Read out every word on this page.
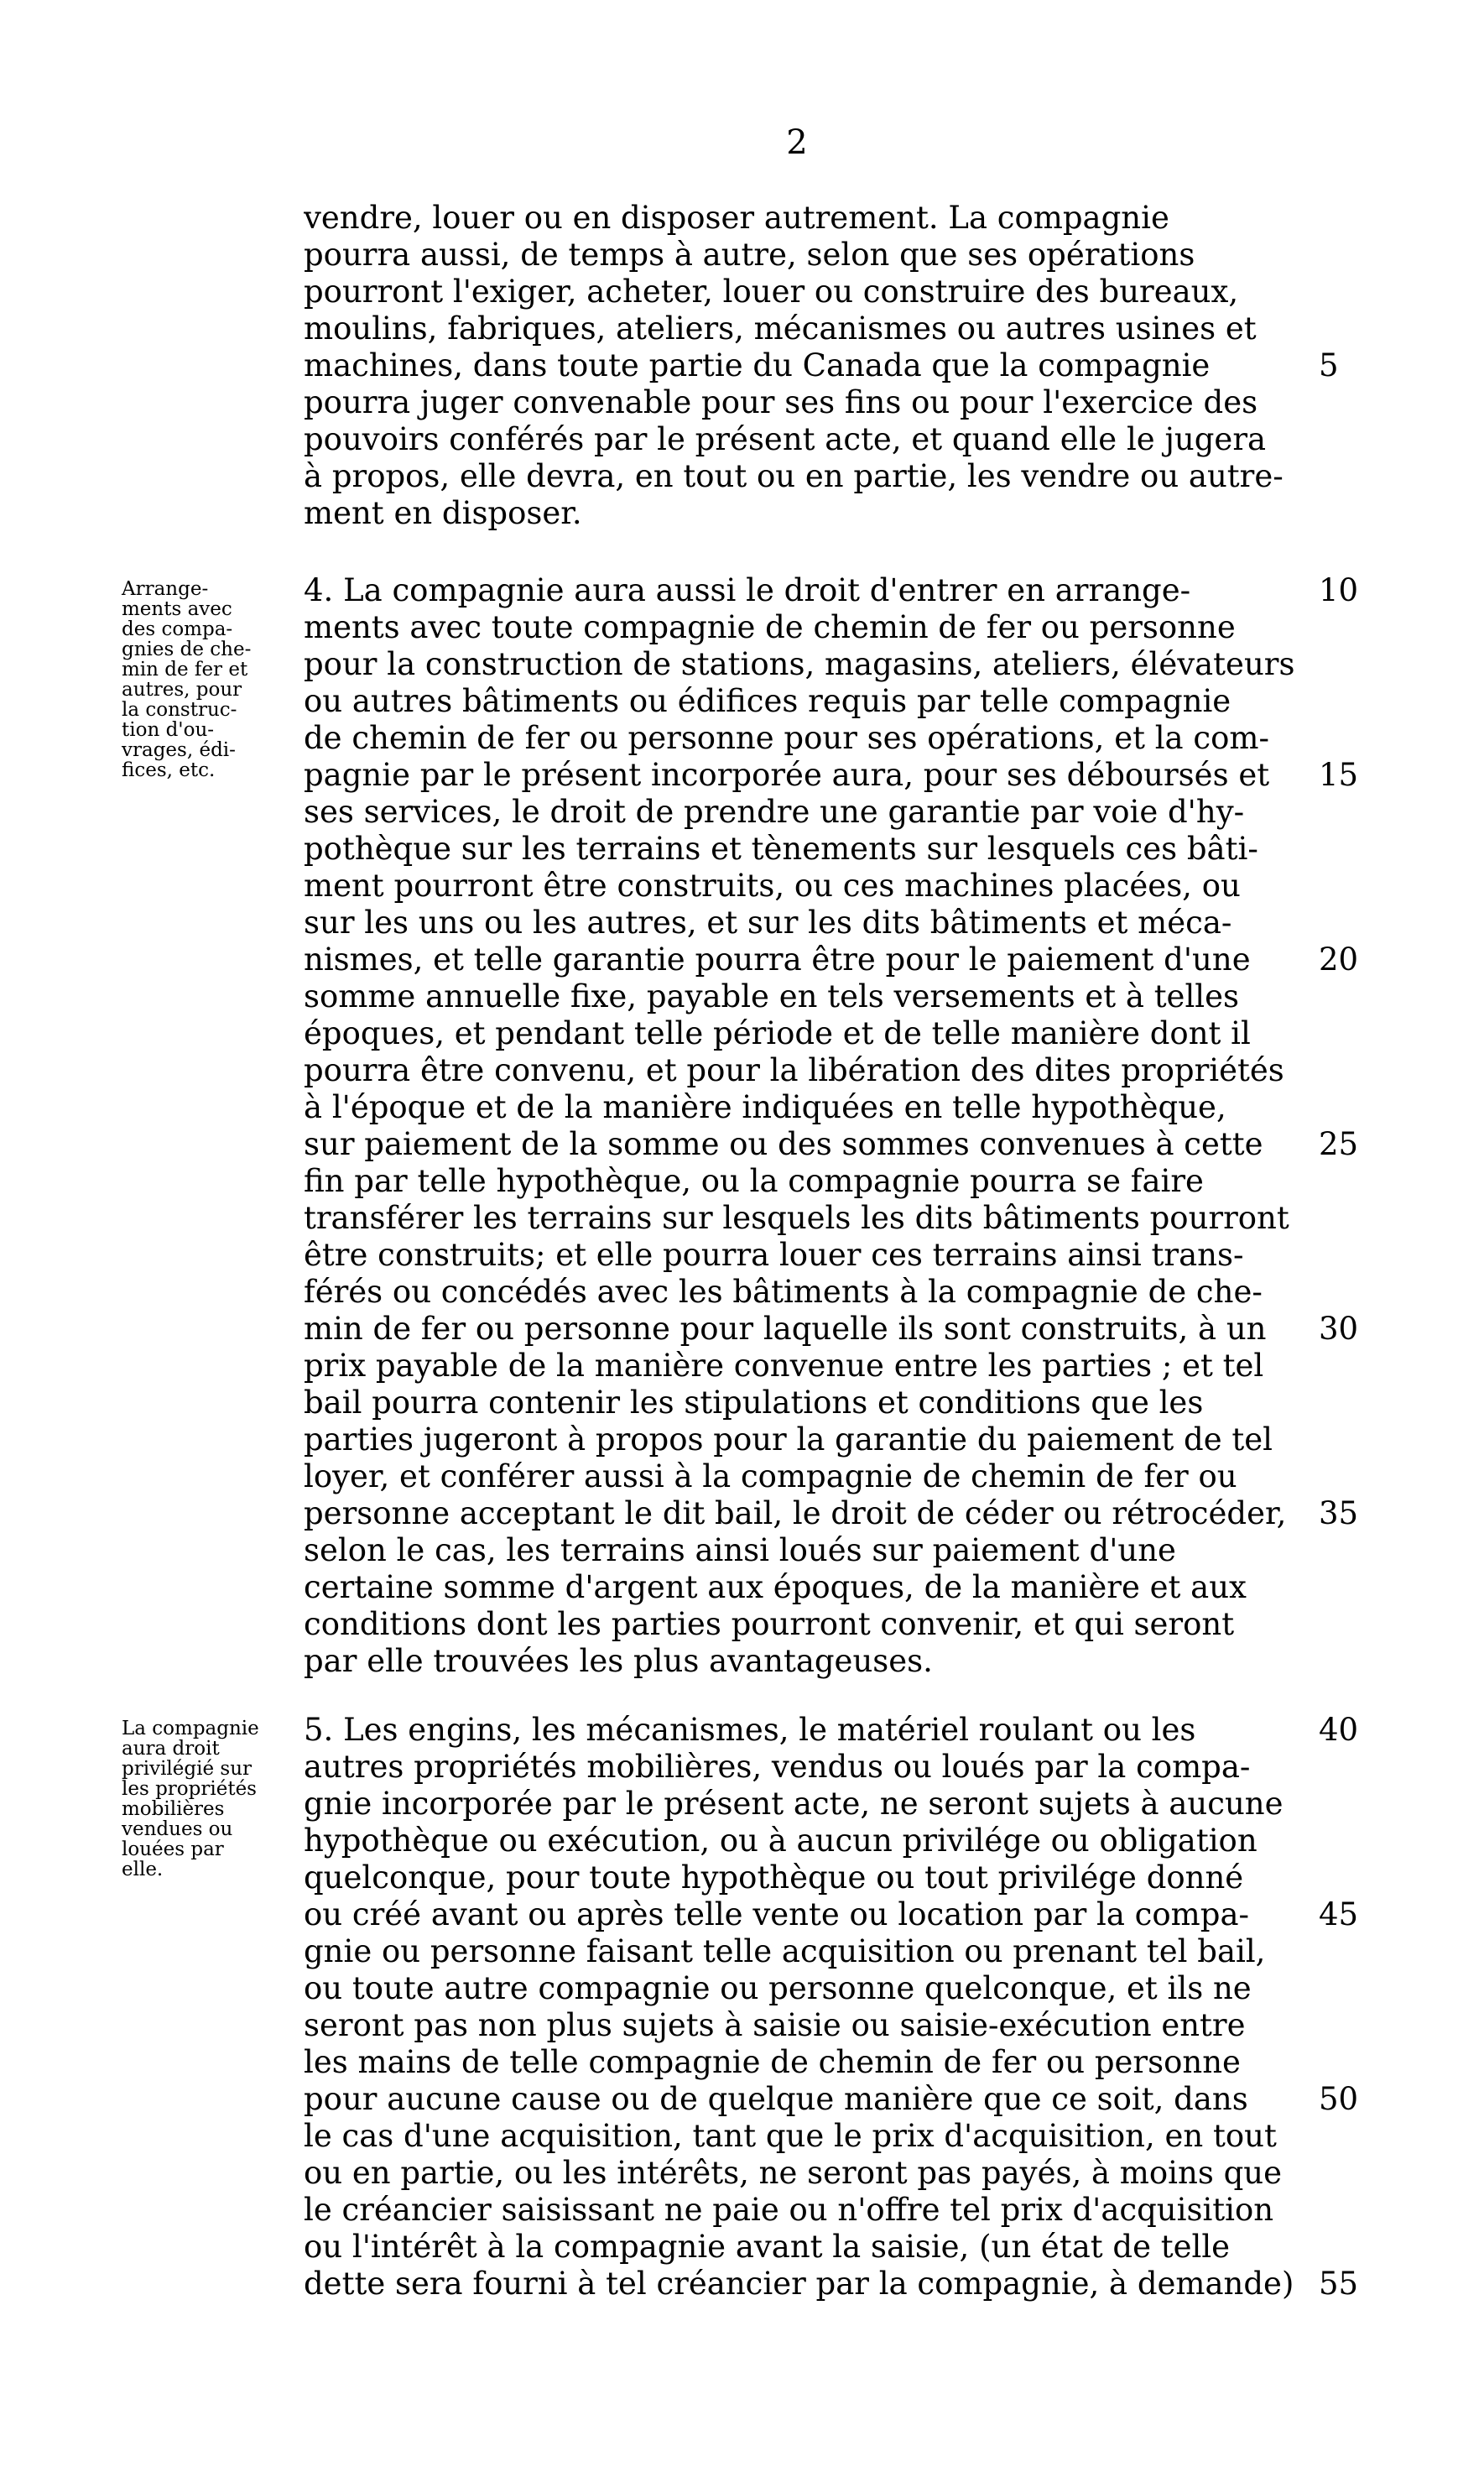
2
vendre, louer ou en disposer autrement. La compagnie
pourra aussi, de temps à autre, selon que ses opérations
pourront l'exiger, acheter, louer ou construire des bureaux,
moulins, fabriques, ateliers, mécanismes ou autres usines et
machines, dans toute partie du Canada que la compagnie
pourra juger convenable pour ses fins ou pour l'exercice des
pouvoirs conférés par le présent acte, et quand elle le jugera
à propos, elle devra, en tout ou en partie, les vendre ou autre-
ment en disposer.
4. La compagnie aura aussi le droit d'entrer en arrange-
ments avec toute compagnie de chemin de fer ou personne
pour la construction de stations, magasins, ateliers, élévateurs
ou autres bâtiments ou édifices requis par telle compagnie
de chemin de fer ou personne pour ses opérations, et la com-
pagnie par le présent incorporée aura, pour ses déboursés et
ses services, le droit de prendre une garantie par voie d'hy-
pothèque sur les terrains et tènements sur lesquels ces bâti-
ment pourront être construits, ou ces machines placées, ou
sur les uns ou les autres, et sur les dits bâtiments et méca-
nismes, et telle garantie pourra être pour le paiement d'une
somme annuelle fixe, payable en tels versements et à telles
époques, et pendant telle période et de telle manière dont il
pourra être convenu, et pour la libération des dites propriétés
à l'époque et de la manière indiquées en telle hypothèque,
sur paiement de la somme ou des sommes convenues à cette
fin par telle hypothèque, ou la compagnie pourra se faire
transférer les terrains sur lesquels les dits bâtiments pourront
être construits; et elle pourra louer ces terrains ainsi trans-
férés ou concédés avec les bâtiments à la compagnie de che-
min de fer ou personne pour laquelle ils sont construits, à un
prix payable de la manière convenue entre les parties ; et tel
bail pourra contenir les stipulations et conditions que les
parties jugeront à propos pour la garantie du paiement de tel
loyer, et conférer aussi à la compagnie de chemin de fer ou
personne acceptant le dit bail, le droit de céder ou rétrocéder,
selon le cas, les terrains ainsi loués sur paiement d'une
certaine somme d'argent aux époques, de la manière et aux
conditions dont les parties pourront convenir, et qui seront
par elle trouvées les plus avantageuses.
5. Les engins, les mécanismes, le matériel roulant ou les
autres propriétés mobilières, vendus ou loués par la compa-
gnie incorporée par le présent acte, ne seront sujets à aucune
hypothèque ou exécution, ou à aucun privilége ou obligation
quelconque, pour toute hypothèque ou tout privilége donné
ou créé avant ou après telle vente ou location par la compa-
gnie ou personne faisant telle acquisition ou prenant tel bail,
ou toute autre compagnie ou personne quelconque, et ils ne
seront pas non plus sujets à saisie ou saisie-exécution entre
les mains de telle compagnie de chemin de fer ou personne
pour aucune cause ou de quelque manière que ce soit, dans
le cas d'une acquisition, tant que le prix d'acquisition, en tout
ou en partie, ou les intérêts, ne seront pas payés, à moins que
le créancier saisissant ne paie ou n'offre tel prix d'acquisition
ou l'intérêt à la compagnie avant la saisie, (un état de telle
dette sera fourni à tel créancier par la compagnie, à demande)
Arrange-
ments avec
des compa-
gnies de che-
min de fer et
autres, pour
la construc-
tion d'ou-
vrages, édi-
fices, etc.
La compagnie
aura droit
privilégié sur
les propriétés
mobilières
vendues ou
louées par
elle.
5
10
15
20
25
30
35
40
45
50
55
